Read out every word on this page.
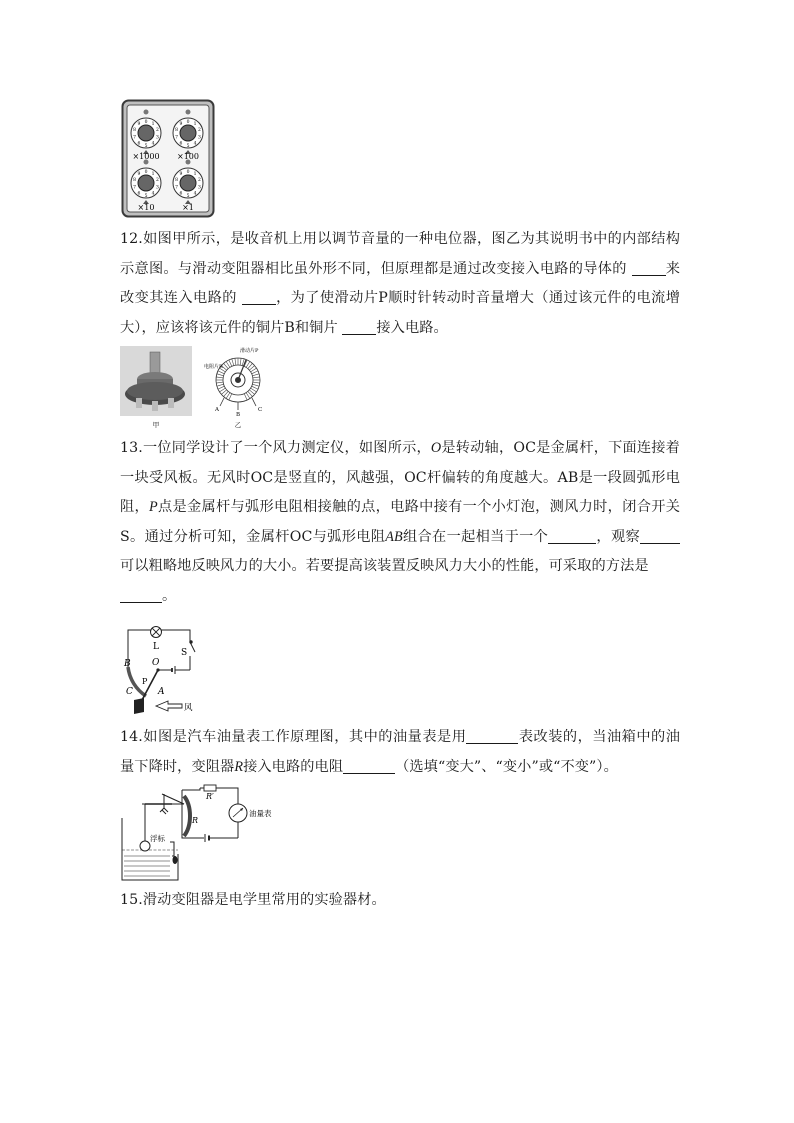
0 1
2
3
4
5
6
7
8
9	0 1
2
3
4
5
6
7
8
9
0 1
2
3
4
5
6
7
8
9	0 1
2
3
4
5
6
7
8
9
×1000 ×100
×10	×1
12.如图甲所示，是收音机上用以调节音量的一种电位器，图乙为其说明书中的内部结构示意图。与滑动变阻器相比虽外形不同，但原理都是通过改变接入电路的导体的	来改变其连入电路的	，为了使滑动片P顺时针转动时音量增大（通过该元件的电流增大），应该将该元件的铜片B和铜片	接入电路。
甲
电阻片R
滑动片P
A
B
C
乙
13.一位同学设计了一个风力测定仪，如图所示，O是转动轴，OC是金属杆，下面连接着一块受风板。无风时OC是竖直的，风越强，OC杆偏转的角度越大。AB是一段圆弧形电阻，P点是金属杆与弧形电阻相接触的点，电路中接有一个小灯泡，测风力时，闭合开关S。通过分析可知，金属杆OC与弧形电阻AB组合在一起相当于一个	，观察可以粗略地反映风力的大小。若要提高该装置反映风力大小的性能，可采取的方法是
。
L
S
B O
P
C	A
风
14.如图是汽车油量表工作原理图，其中的油量表是用	表改装的，当油箱中的油量下降时，变阻器R接入电路的电阻	（选填“变大”、“变小”或“不变”）。
R′
R
油量表
浮标
15.滑动变阻器是电学里常用的实验器材。
